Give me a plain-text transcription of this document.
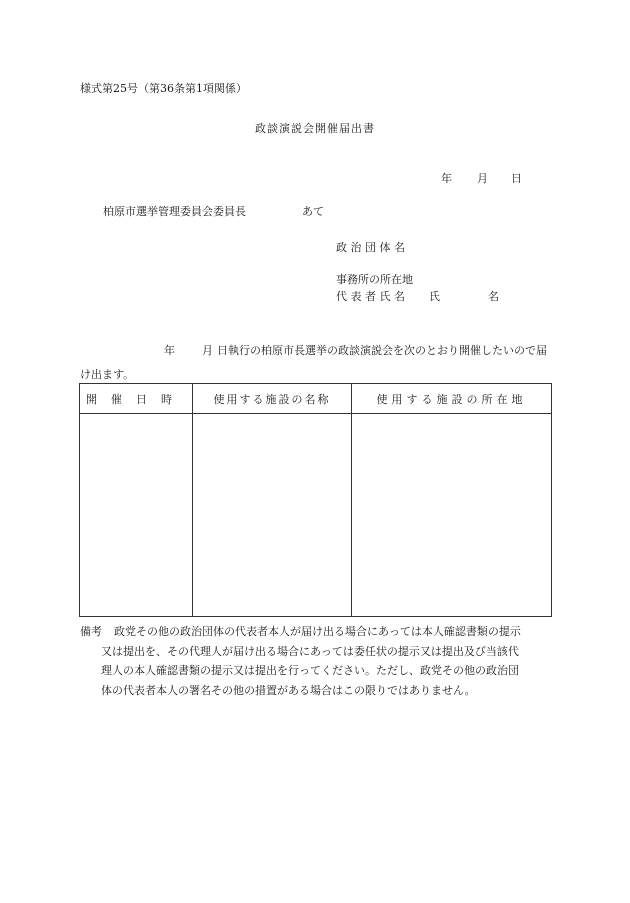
様式第25号（第36条第1項関係）
政談演説会開催届出書
年 月 日
柏原市選挙管理委員会委員長	あて
政 治 団 体 名
事務所の所在地
代 表 者 氏 名 氏	名
年 月 日執行の柏原市長選挙の政談演説会を次のとおり開催したいので届け出ます。
開催日時	使用する施設の名称	使用する施設の所在地

備考 政党その他の政治団体の代表者本人が届け出る場合にあっては本人確認書類の提示
又は提出を、その代理人が届け出る場合にあっては委任状の提示又は提出及び当該代
理人の本人確認書類の提示又は提出を行ってください。ただし、政党その他の政治団
体の代表者本人の署名その他の措置がある場合はこの限りではありません。
